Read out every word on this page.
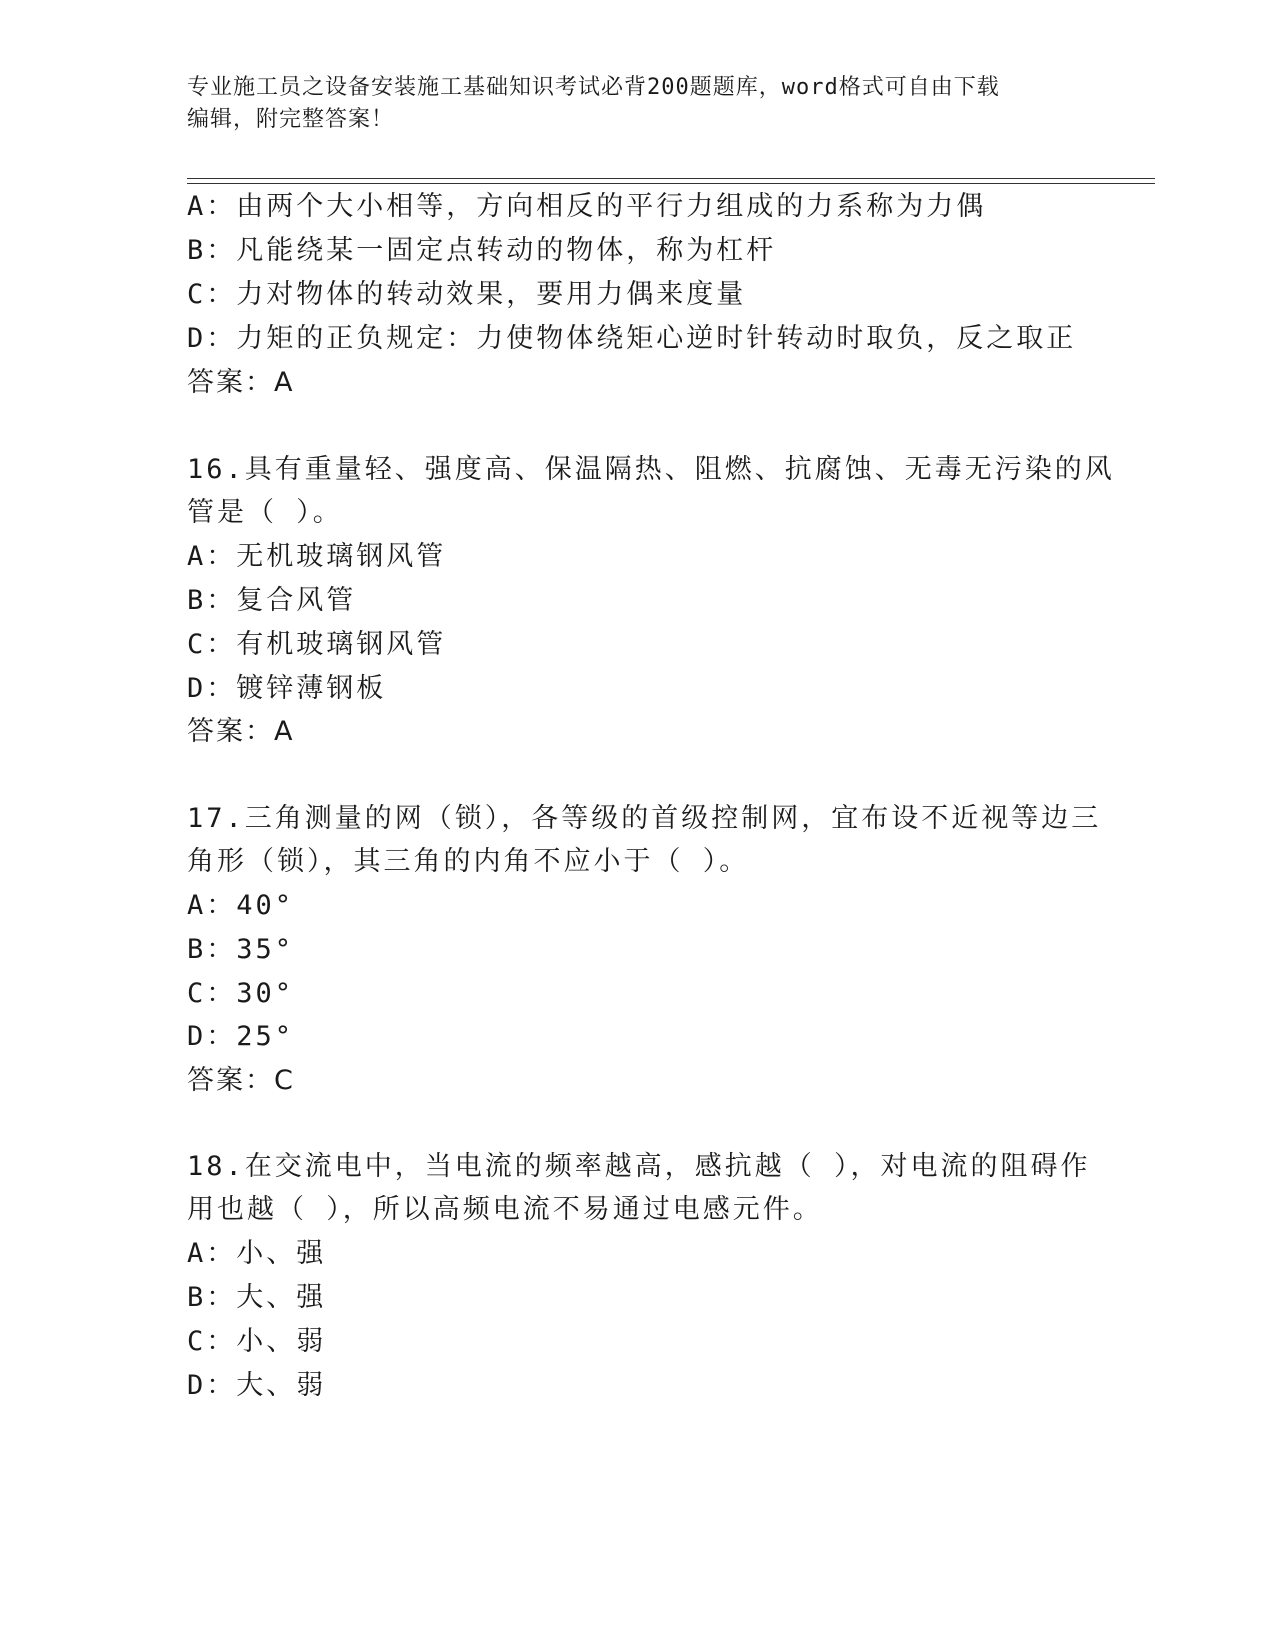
专业施工员之设备安装施工基础知识考试必背200题题库，word格式可自由下载
编辑，附完整答案！
A：由两个大小相等，方向相反的平行力组成的力系称为力偶
B：凡能绕某一固定点转动的物体，称为杠杆
C：力对物体的转动效果，要用力偶来度量
D：力矩的正负规定：力使物体绕矩心逆时针转动时取负，反之取正
答案：A
16.具有重量轻、强度高、保温隔热、阻燃、抗腐蚀、无毒无污染的风
管是（ ）。
A：无机玻璃钢风管
B：复合风管
C：有机玻璃钢风管
D：镀锌薄钢板
答案：A
17.三角测量的网（锁），各等级的首级控制网，宜布设不近视等边三
角形（锁），其三角的内角不应小于（ ）。
A：40°
B：35°
C：30°
D：25°
答案：C
18.在交流电中，当电流的频率越高，感抗越（ ），对电流的阻碍作
用也越（ ），所以高频电流不易通过电感元件。
A：小、强
B：大、强
C：小、弱
D：大、弱
